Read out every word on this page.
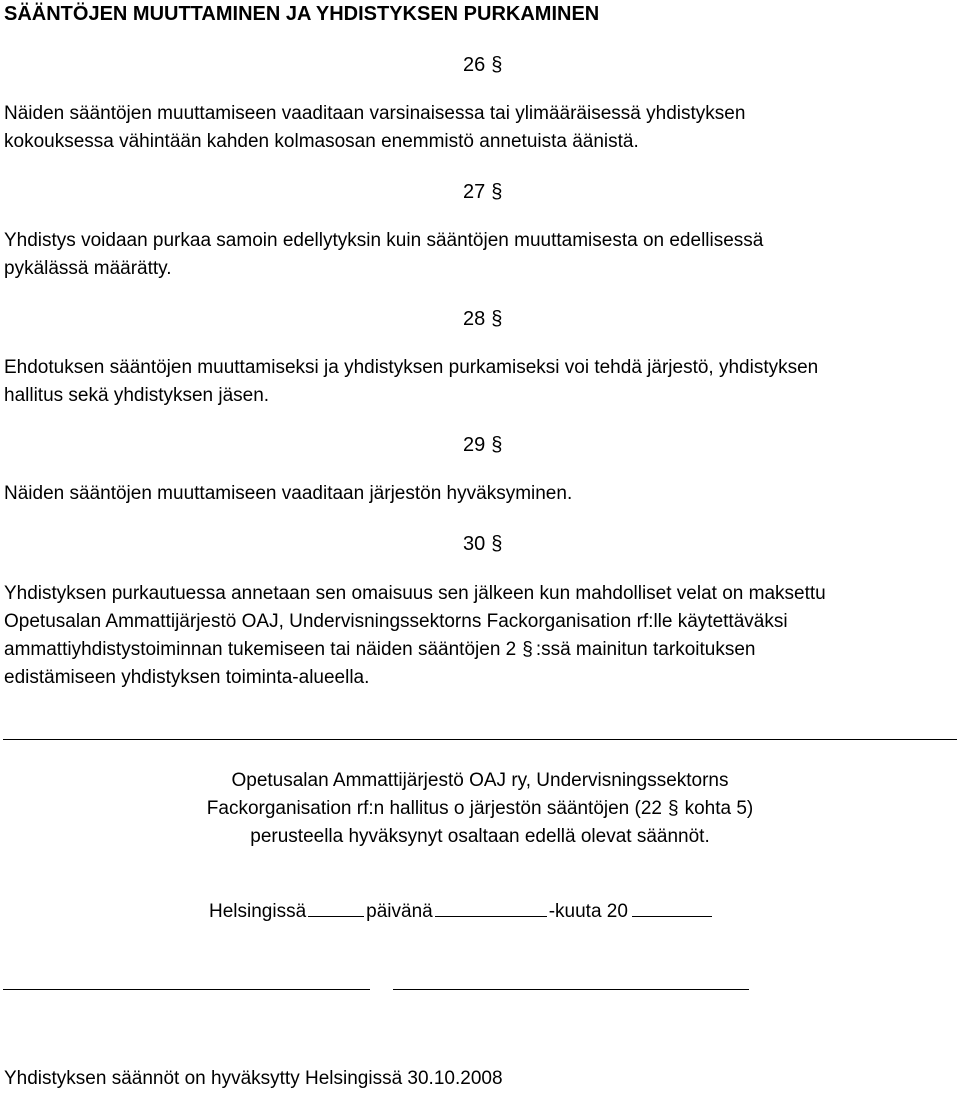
SÄÄNTÖJEN MUUTTAMINEN JA YHDISTYKSEN PURKAMINEN
26 §
Näiden sääntöjen muuttamiseen vaaditaan varsinaisessa tai ylimääräisessä yhdistyksen
kokouksessa vähintään kahden kolmasosan enemmistö annetuista äänistä.
27 §
Yhdistys voidaan purkaa samoin edellytyksin kuin sääntöjen muuttamisesta on edellisessä
pykälässä määrätty.
28 §
Ehdotuksen sääntöjen muuttamiseksi ja yhdistyksen purkamiseksi voi tehdä järjestö, yhdistyksen
hallitus sekä yhdistyksen jäsen.
29 §
Näiden sääntöjen muuttamiseen vaaditaan järjestön hyväksyminen.
30 §
Yhdistyksen purkautuessa annetaan sen omaisuus sen jälkeen kun mahdolliset velat on maksettu
Opetusalan Ammattijärjestö OAJ, Undervisningssektorns Fackorganisation rf:lle käytettäväksi
ammattiyhdistystoiminnan tukemiseen tai näiden sääntöjen 2 § :ssä mainitun tarkoituksen
edistämiseen yhdistyksen toiminta-alueella.
Opetusalan Ammattijärjestö OAJ ry, Undervisningssektorns
Fackorganisation rf:n hallitus o järjestön sääntöjen (22 § kohta 5)
perusteella hyväksynyt osaltaan edellä olevat säännöt.
Helsingissä	päivänä	-kuuta 20
Yhdistyksen säännöt on hyväksytty Helsingissä 30.10.2008
